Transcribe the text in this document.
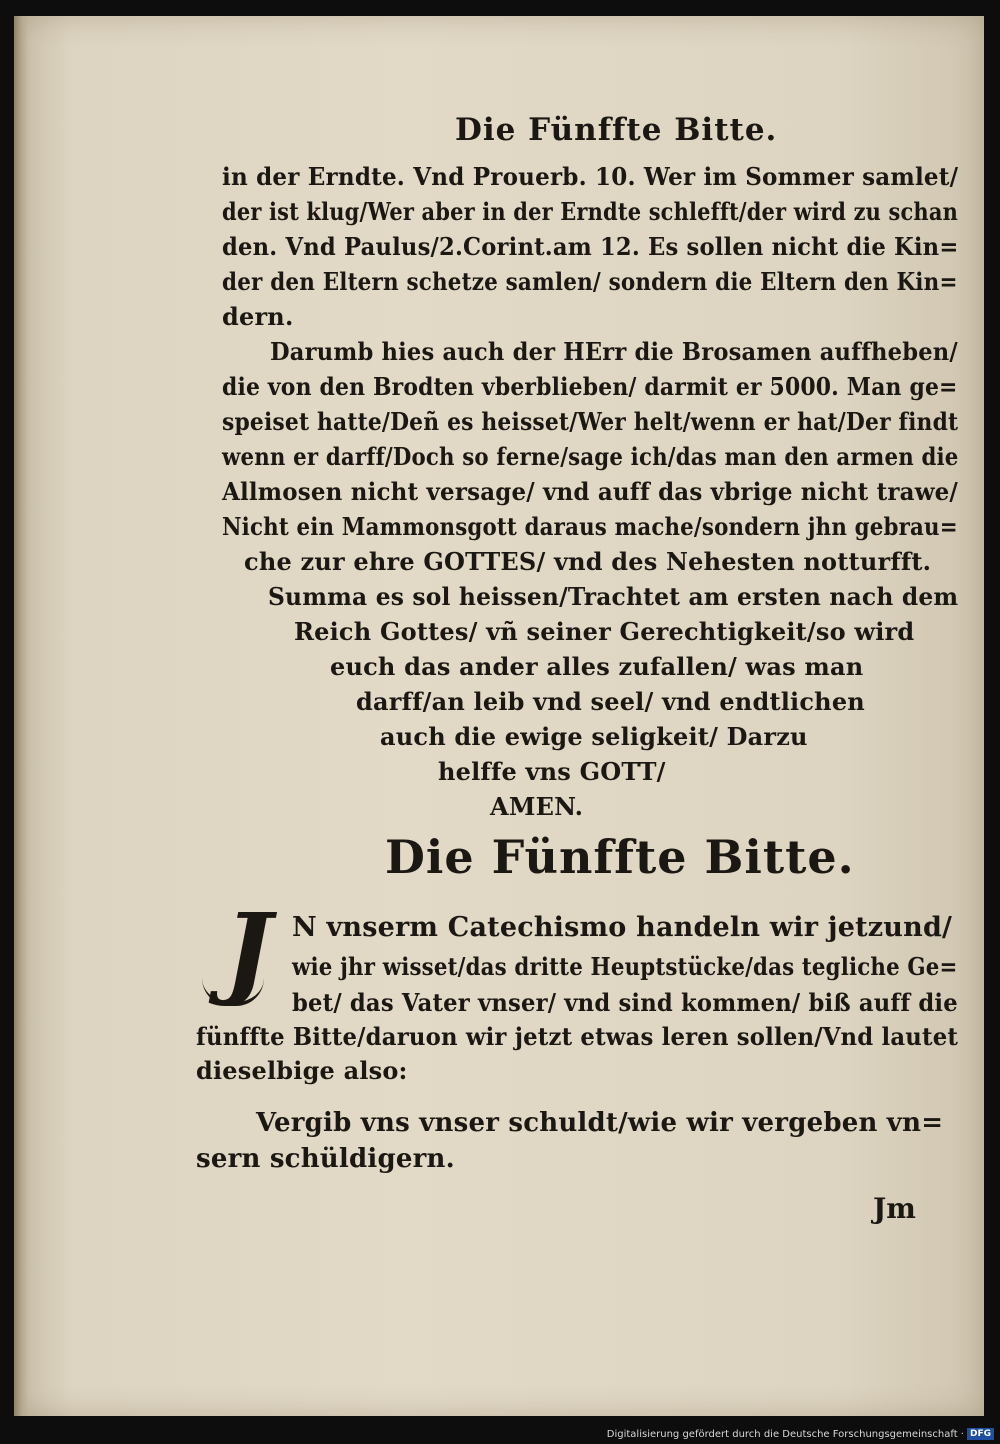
Die Fünffte Bitte.
in der Erndte. Vnd Prouerb. 10. Wer im Sommer samlet/
der ist klug/Wer aber in der Erndte schlefft/der wird zu schan
den. Vnd Paulus/2.Corint.am 12. Es sollen nicht die Kin=
der den Eltern schetze samlen/ sondern die Eltern den Kin=
dern.
Darumb hies auch der HErr die Brosamen auffheben/
die von den Brodten vberblieben/ darmit er 5000. Man ge=
speiset hatte/Deñ es heisset/Wer helt/wenn er hat/Der findt
wenn er darff/Doch so ferne/sage ich/das man den armen die
Allmosen nicht versage/ vnd auff das vbrige nicht trawe/
Nicht ein Mammonsgott daraus mache/sondern jhn gebrau=
che zur ehre GOTTES/ vnd des Nehesten notturfft.
Summa es sol heissen/Trachtet am ersten nach dem
Reich Gottes/ vñ seiner Gerechtigkeit/so wird
euch das ander alles zufallen/ was man
darff/an leib vnd seel/ vnd endtlichen
auch die ewige seligkeit/ Darzu
helffe vns GOTT/
AMEN.
Die Fünffte Bitte.
J N vnserm Catechismo handeln wir jetzund/
wie jhr wisset/das dritte Heuptstücke/das tegliche Ge=
bet/ das Vater vnser/ vnd sind kommen/ biß auff die
fünffte Bitte/daruon wir jetzt etwas leren sollen/Vnd lautet
dieselbige also:
Vergib vns vnser schuldt/wie wir vergeben vn=
sern schüldigern.
Jm
Digitalisierung gefördert durch die Deutsche Forschungsgemeinschaft · DFG
